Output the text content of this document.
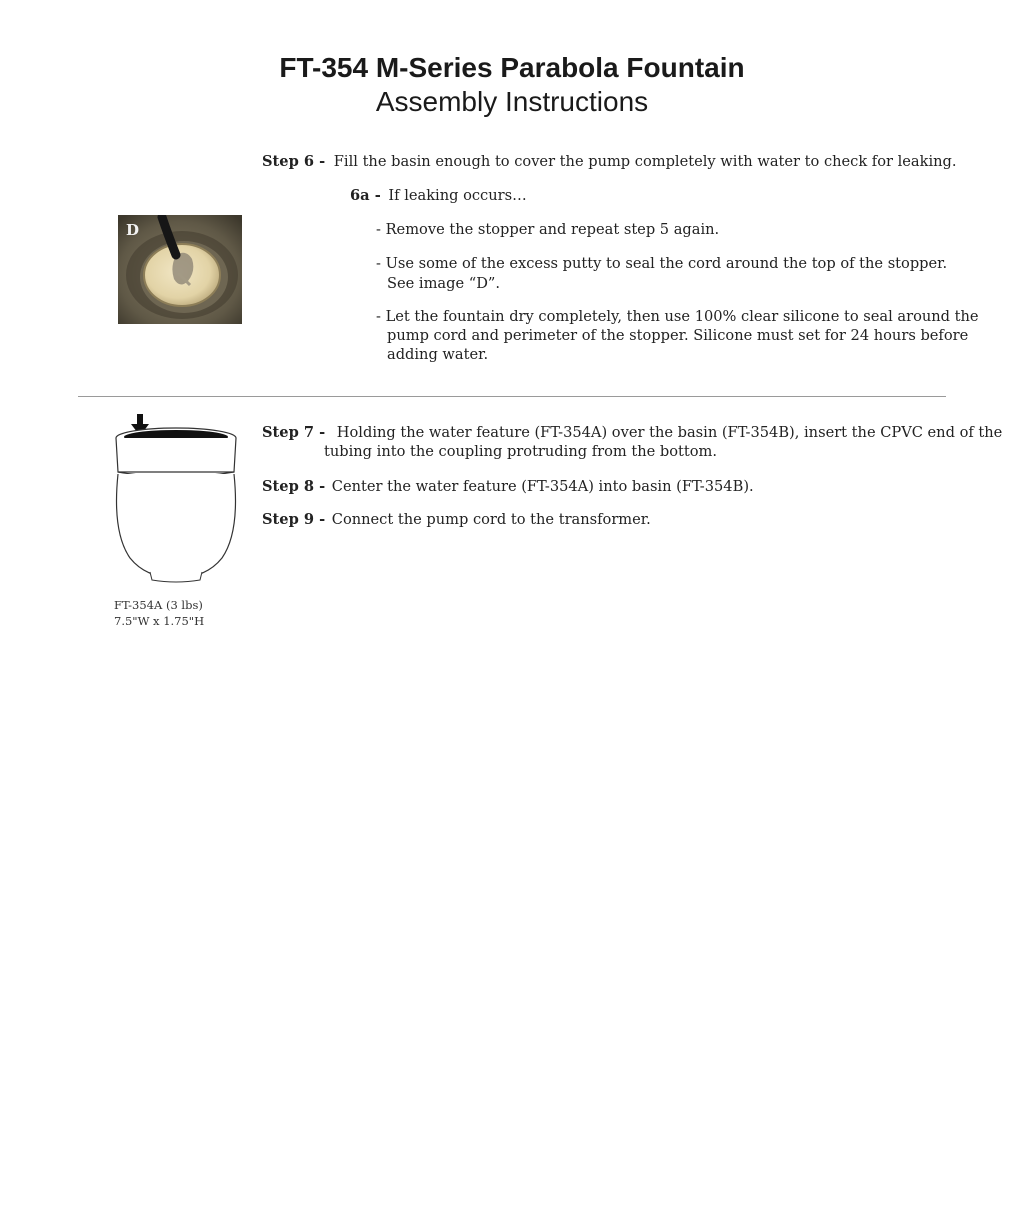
FT-354 M-Series Parabola Fountain
Assembly Instructions
Step 6 - Fill the basin enough to cover the pump completely with water to check for leaking.
6a - If leaking occurs…
- Remove the stopper and repeat step 5 again.
- Use some of the excess putty to seal the cord around the top of the stopper.
See image “D”.
- Let the fountain dry completely, then use 100% clear silicone to seal around the
pump cord and perimeter of the stopper. Silicone must set for 24 hours before
adding water.
D
FT-354A (3 lbs)
7.5"W x 1.75"H
Step 7 - Holding the water feature (FT-354A) over the basin (FT-354B), insert the CPVC end of the
tubing into the coupling protruding from the bottom.
Step 8 - Center the water feature (FT-354A) into basin (FT-354B).
Step 9 - Connect the pump cord to the transformer.
